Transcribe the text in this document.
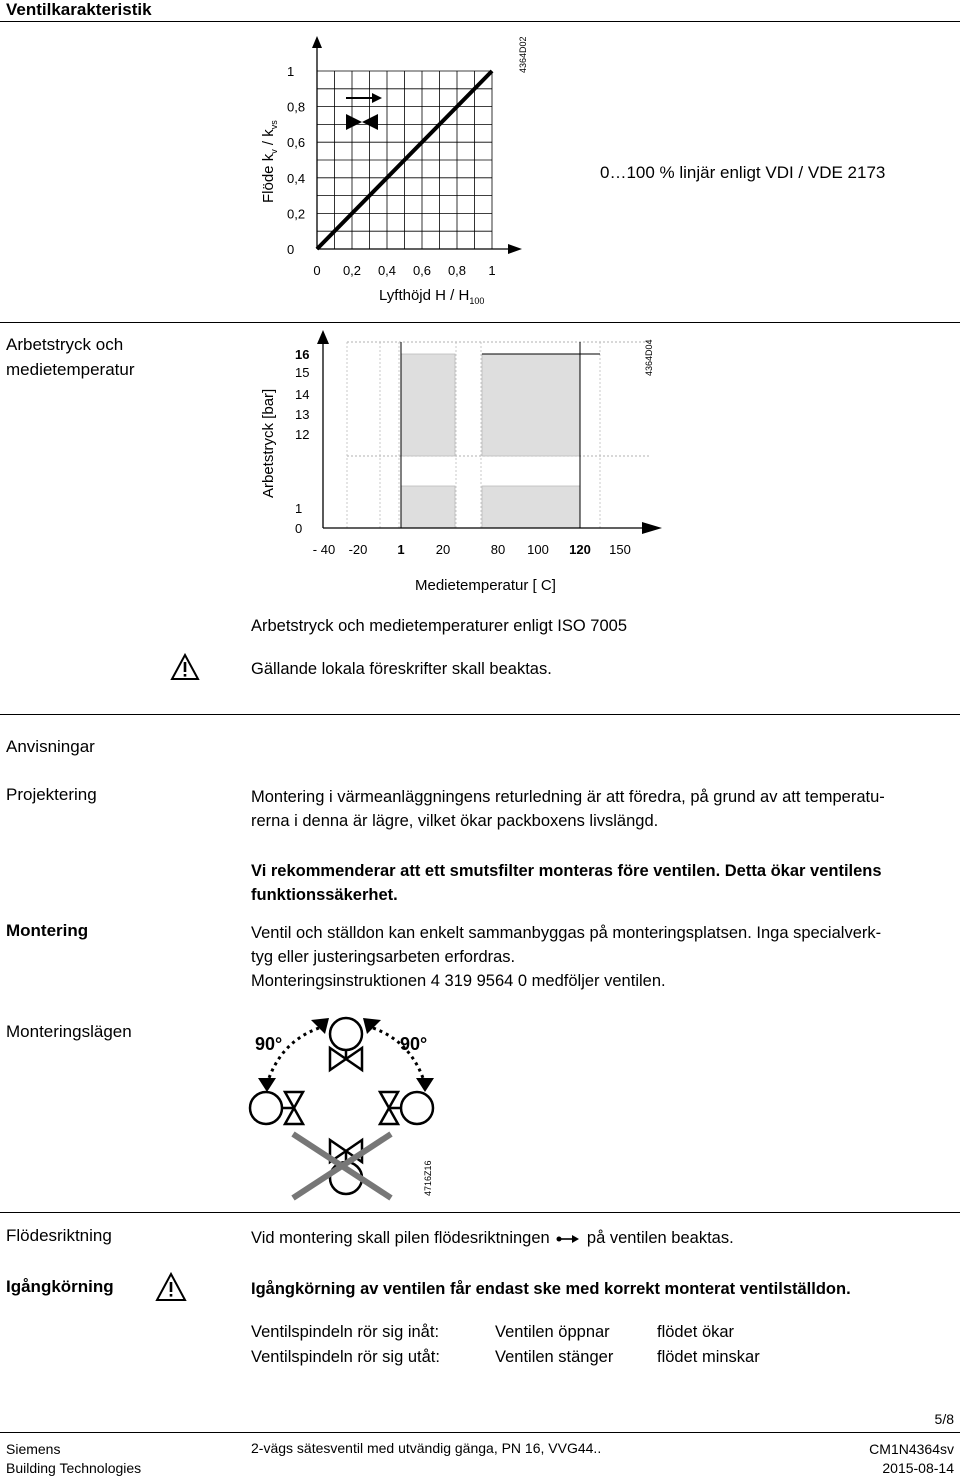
Ventilkarakteristik
0
0,2
0,4
0,6
0,8
1
0 0,2 0,4 0,6 0,8 1
Flöde $k_v / k_{vs}$
Lyfthöjd H / $H_{100}$
0…100 % linjär enligt VDI / VDE 2173
4364D02
Arbetstryck och medietemperatur
0
1
12
13
14
15
16
- 40 -20 1 20	80 100 120 150
Arbetstryck [bar]
Medietemperatur [ C]
4364D04
Arbetstryck och medietemperaturer enligt ISO 7005
Gällande lokala föreskrifter skall beaktas.
Anvisningar
Projektering	Montering i värmeanläggningens returledning är att föredra, på grund av att temperatu-
rerna i denna är lägre, vilket ökar packboxens livslängd.
Vi rekommenderar att ett smutsfilter monteras före ventilen. Detta ökar ventilens
funktionssäkerhet.
Montering	Ventil och ställdon kan enkelt sammanbyggas på monteringsplatsen. Inga specialverk-
tyg eller justeringsarbeten erfordras.
Monteringsinstruktionen 4 319 9564 0 medföljer ventilen.
Monteringslägen
90°	90°
4716Z16
Flödesriktning	Vid montering skall pilen flödesriktningen på ventilen beaktas.
Igångkörning	Igångkörning av ventilen får endast ske med korrekt monterat ventilställdon.
Ventilspindeln rör sig inåt:	Ventilen öppnar	flödet ökar
Ventilspindeln rör sig utåt:	Ventilen stänger	flödet minskar
5/8
Siemens
Building Technologies
2-vägs sätesventil med utvändig gänga, PN 16, VVG44..	CM1N4364sv
2015-08-14
